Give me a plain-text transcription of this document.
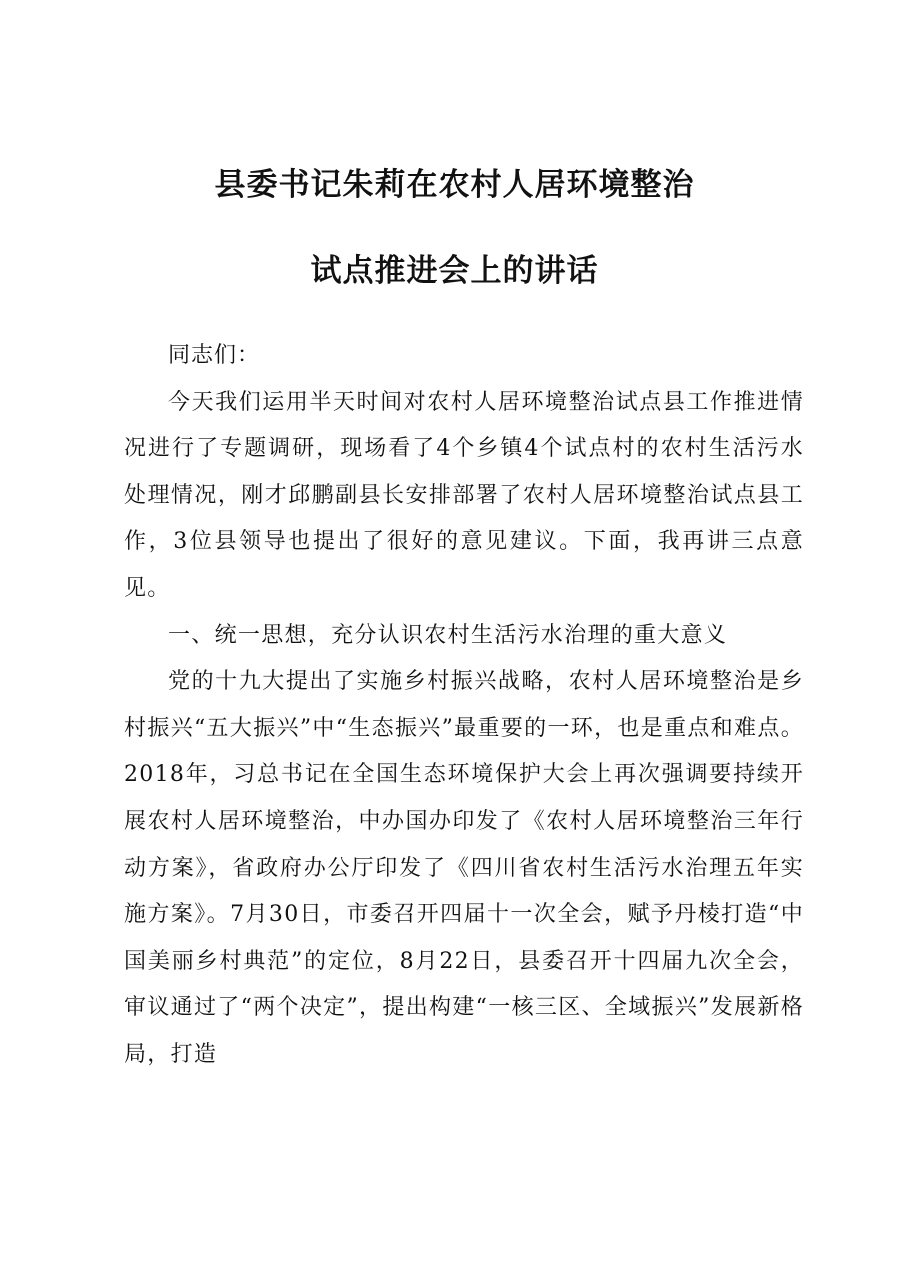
县委书记朱莉在农村人居环境整治
试点推进会上的讲话

同志们：

今天我们运用半天时间对农村人居环境整治试点县工作推进情况进行了专题调研，现场看了4个乡镇4个试点村的农村生活污水处理情况，刚才邱鹏副县长安排部署了农村人居环境整治试点县工作，3位县领导也提出了很好的意见建议。下面，我再讲三点意见。

一、统一思想，充分认识农村生活污水治理的重大意义

党的十九大提出了实施乡村振兴战略，农村人居环境整治是乡村振兴“五大振兴”中“生态振兴”最重要的一环，也是重点和难点。2018年，习总书记在全国生态环境保护大会上再次强调要持续开展农村人居环境整治，中办国办印发了《农村人居环境整治三年行动方案》，省政府办公厅印发了《四川省农村生活污水治理五年实施方案》。7月30日，市委召开四届十一次全会，赋予丹棱打造“中国美丽乡村典范”的定位，8月22日，县委召开十四届九次全会，审议通过了“两个决定”，提出构建“一核三区、全域振兴”发展新格局，打造
